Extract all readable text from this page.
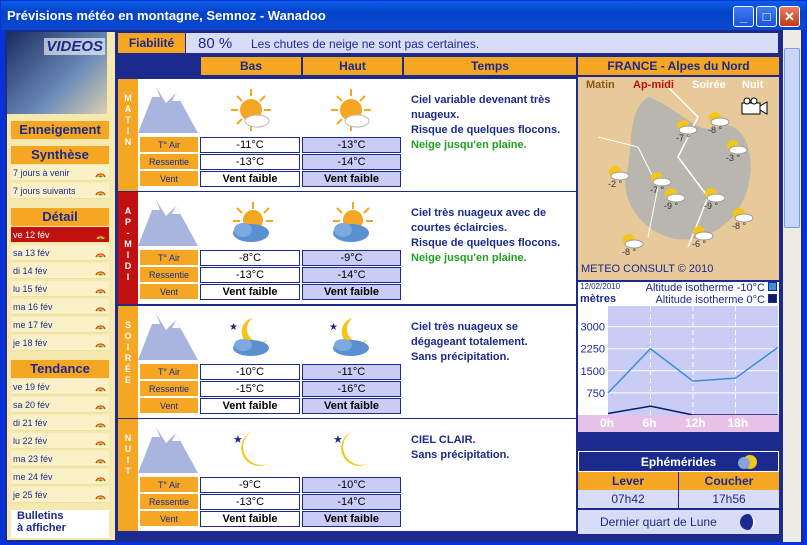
Prévisions météo en montagne, Semnoz - Wanadoo	_	□	✕
VIDEOS
Enneigement
Synthèse
7 jours à venir
7 jours suivants
Détail
ve 12 fév
sa 13 fév
di 14 fév
lu 15 fév
ma 16 fév
me 17 fév
je 18 fév
Tendance
ve 19 fév
sa 20 fév
di 21 fév
lu 22 fév
ma 23 fév
me 24 fév
je 25 fév
Bulletins
à afficher
Fiabilité	80 % Les chutes de neige ne sont pas certaines.
Bas	Haut	Temps	FRANCE - Alpes du Nord
M
A
T
I
N	T° Air	-11°C	-13°C
Ressentie	-13°C	-14°C
Vent	Vent faible	Vent faible
Ciel variable devenant très nuageux.
Risque de quelques flocons.
Neige jusqu'en plaine.
A
P
-
M
I
D
I
T° Air	-8°C	-9°C
Ressentie	-13°C	-14°C
Vent	Vent faible	Vent faible
Ciel très nuageux avec de courtes éclaircies.
Risque de quelques flocons.
Neige jusqu'en plaine.
S
O
I
R
É
E
★	★
T° Air	-10°C	-11°C
Ressentie	-15°C	-16°C
Vent	Vent faible	Vent faible
Ciel très nuageux se dégageant totalement.
Sans précipitation.
N
U
I
T
★	★
T° Air	-9°C	-10°C
Ressentie	-13°C	-14°C
Vent	Vent faible	Vent faible
CIEL CLAIR.
Sans précipitation.
Matin Ap-midi Soirée Nuit
-8 °
-7 °
-3 °
-7 °
-2 °
-9 °	-9 °
-8 °
-8 °
-6 °
METEO CONSULT © 2010
12/02/2010
mètres
Altitude isotherme -10°C
Altitude isotherme 0°C
3000
2250
1500
750
0h 6h 12h 18h
Ephémérides
Lever	Coucher
07h42	17h56
Dernier quart de Lune
